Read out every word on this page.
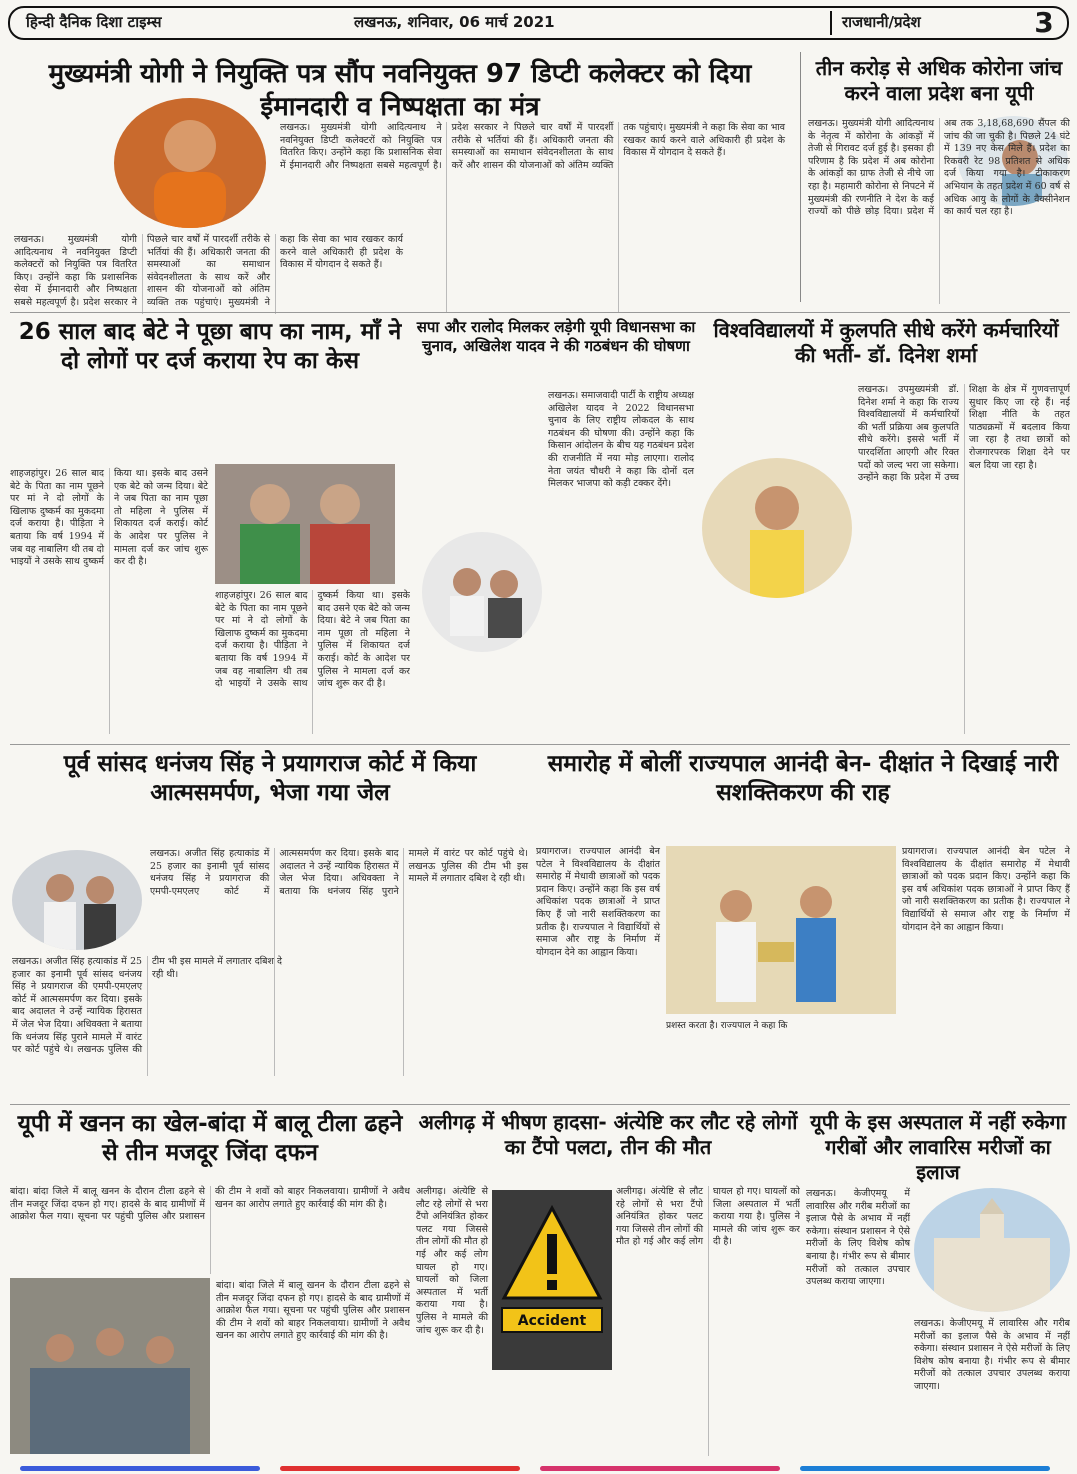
हिन्दी दैनिक दिशा टाइम्स	लखनऊ, शनिवार, 06 मार्च 2021	राजधानी/प्रदेश	3
मुख्यमंत्री योगी ने नियुक्ति पत्र सौंप नवनियुक्त 97 डिप्टी कलेक्टर को दिया ईमानदारी व निष्पक्षता का मंत्र
लखनऊ। मुख्यमंत्री योगी आदित्यनाथ ने नवनियुक्त डिप्टी कलेक्टरों को नियुक्ति पत्र वितरित किए। उन्होंने कहा कि प्रशासनिक सेवा में ईमानदारी और निष्पक्षता सबसे महत्वपूर्ण है। प्रदेश सरकार ने पिछले चार वर्षों में पारदर्शी तरीके से भर्तियां की हैं। अधिकारी जनता की समस्याओं का समाधान संवेदनशीलता के साथ करें और शासन की योजनाओं को अंतिम व्यक्ति तक पहुंचाएं। मुख्यमंत्री ने कहा कि सेवा का भाव रखकर कार्य करने वाले अधिकारी ही प्रदेश के विकास में योगदान दे सकते हैं।
लखनऊ। मुख्यमंत्री योगी आदित्यनाथ ने नवनियुक्त डिप्टी कलेक्टरों को नियुक्ति पत्र वितरित किए। उन्होंने कहा कि प्रशासनिक सेवा में ईमानदारी और निष्पक्षता सबसे महत्वपूर्ण है। प्रदेश सरकार ने पिछले चार वर्षों में पारदर्शी तरीके से भर्तियां की हैं। अधिकारी जनता की समस्याओं का समाधान संवेदनशीलता के साथ करें और शासन की योजनाओं को अंतिम व्यक्ति तक पहुंचाएं। मुख्यमंत्री ने कहा कि सेवा का भाव रखकर कार्य करने वाले अधिकारी ही प्रदेश के विकास में योगदान दे सकते हैं।
तीन करोड़ से अधिक कोरोना जांच करने वाला प्रदेश बना यूपी
लखनऊ। मुख्यमंत्री योगी आदित्यनाथ के नेतृत्व में कोरोना के आंकड़ों में तेजी से गिरावट दर्ज हुई है। इसका ही परिणाम है कि प्रदेश में अब कोरोना के आंकड़ों का ग्राफ तेजी से नीचे जा रहा है। महामारी कोरोना से निपटने में मुख्यमंत्री की रणनीति ने देश के कई राज्यों को पीछे छोड़ दिया। प्रदेश में अब तक 3,18,68,690 सैंपल की जांच की जा चुकी है। पिछले 24 घंटे में 139 नए केस मिले हैं। प्रदेश का रिकवरी रेट 98 प्रतिशत से अधिक दर्ज किया गया है। टीकाकरण अभियान के तहत प्रदेश में 60 वर्ष से अधिक आयु के लोगों के वैक्सीनेशन का कार्य चल रहा है।
26 साल बाद बेटे ने पूछा बाप का नाम, माँ ने दो लोगों पर दर्ज कराया रेप का केस
शाहजहांपुर। 26 साल बाद बेटे के पिता का नाम पूछने पर मां ने दो लोगों के खिलाफ दुष्कर्म का मुकदमा दर्ज कराया है। पीड़िता ने बताया कि वर्ष 1994 में जब वह नाबालिग थी तब दो भाइयों ने उसके साथ दुष्कर्म किया था। इसके बाद उसने एक बेटे को जन्म दिया। बेटे ने जब पिता का नाम पूछा तो महिला ने पुलिस में शिकायत दर्ज कराई। कोर्ट के आदेश पर पुलिस ने मामला दर्ज कर जांच शुरू कर दी है।
शाहजहांपुर। 26 साल बाद बेटे के पिता का नाम पूछने पर मां ने दो लोगों के खिलाफ दुष्कर्म का मुकदमा दर्ज कराया है। पीड़िता ने बताया कि वर्ष 1994 में जब वह नाबालिग थी तब दो भाइयों ने उसके साथ दुष्कर्म किया था। इसके बाद उसने एक बेटे को जन्म दिया। बेटे ने जब पिता का नाम पूछा तो महिला ने पुलिस में शिकायत दर्ज कराई। कोर्ट के आदेश पर पुलिस ने मामला दर्ज कर जांच शुरू कर दी है।
सपा और रालोद मिलकर लड़ेगी यूपी विधानसभा का चुनाव, अखिलेश यादव ने की गठबंधन की घोषणा
लखनऊ। समाजवादी पार्टी के राष्ट्रीय अध्यक्ष अखिलेश यादव ने 2022 विधानसभा चुनाव के लिए राष्ट्रीय लोकदल के साथ गठबंधन की घोषणा की। उन्होंने कहा कि किसान आंदोलन के बीच यह गठबंधन प्रदेश की राजनीति में नया मोड़ लाएगा। रालोद नेता जयंत चौधरी ने कहा कि दोनों दल मिलकर भाजपा को कड़ी टक्कर देंगे।
विश्वविद्यालयों में कुलपति सीधे करेंगे कर्मचारियों की भर्ती- डॉ. दिनेश शर्मा
लखनऊ। उपमुख्यमंत्री डॉ. दिनेश शर्मा ने कहा कि राज्य विश्वविद्यालयों में कर्मचारियों की भर्ती प्रक्रिया अब कुलपति सीधे करेंगे। इससे भर्ती में पारदर्शिता आएगी और रिक्त पदों को जल्द भरा जा सकेगा। उन्होंने कहा कि प्रदेश में उच्च शिक्षा के क्षेत्र में गुणवत्तापूर्ण सुधार किए जा रहे हैं। नई शिक्षा नीति के तहत पाठ्यक्रमों में बदलाव किया जा रहा है तथा छात्रों को रोजगारपरक शिक्षा देने पर बल दिया जा रहा है।
पूर्व सांसद धनंजय सिंह ने प्रयागराज कोर्ट में किया आत्मसमर्पण, भेजा गया जेल
लखनऊ। अजीत सिंह हत्याकांड में 25 हजार का इनामी पूर्व सांसद धनंजय सिंह ने प्रयागराज की एमपी-एमएलए कोर्ट में आत्मसमर्पण कर दिया। इसके बाद अदालत ने उन्हें न्यायिक हिरासत में जेल भेज दिया। अधिवक्ता ने बताया कि धनंजय सिंह पुराने मामले में वारंट पर कोर्ट पहुंचे थे। लखनऊ पुलिस की टीम भी इस मामले में लगातार दबिश दे रही थी।
लखनऊ। अजीत सिंह हत्याकांड में 25 हजार का इनामी पूर्व सांसद धनंजय सिंह ने प्रयागराज की एमपी-एमएलए कोर्ट में आत्मसमर्पण कर दिया। इसके बाद अदालत ने उन्हें न्यायिक हिरासत में जेल भेज दिया। अधिवक्ता ने बताया कि धनंजय सिंह पुराने मामले में वारंट पर कोर्ट पहुंचे थे। लखनऊ पुलिस की टीम भी इस मामले में लगातार दबिश दे रही थी।
समारोह में बोलीं राज्यपाल आनंदी बेन- दीक्षांत ने दिखाई नारी सशक्तिकरण की राह
प्रशस्त करता है। राज्यपाल ने कहा कि
प्रयागराज। राज्यपाल आनंदी बेन पटेल ने विश्वविद्यालय के दीक्षांत समारोह में मेधावी छात्राओं को पदक प्रदान किए। उन्होंने कहा कि इस वर्ष अधिकांश पदक छात्राओं ने प्राप्त किए हैं जो नारी सशक्तिकरण का प्रतीक है। राज्यपाल ने विद्यार्थियों से समाज और राष्ट्र के निर्माण में योगदान देने का आह्वान किया।
प्रयागराज। राज्यपाल आनंदी बेन पटेल ने विश्वविद्यालय के दीक्षांत समारोह में मेधावी छात्राओं को पदक प्रदान किए। उन्होंने कहा कि इस वर्ष अधिकांश पदक छात्राओं ने प्राप्त किए हैं जो नारी सशक्तिकरण का प्रतीक है। राज्यपाल ने विद्यार्थियों से समाज और राष्ट्र के निर्माण में योगदान देने का आह्वान किया।
यूपी में खनन का खेल-बांदा में बालू टीला ढहने से तीन मजदूर जिंदा दफन
बांदा। बांदा जिले में बालू खनन के दौरान टीला ढहने से तीन मजदूर जिंदा दफन हो गए। हादसे के बाद ग्रामीणों में आक्रोश फैल गया। सूचना पर पहुंची पुलिस और प्रशासन की टीम ने शवों को बाहर निकलवाया। ग्रामीणों ने अवैध खनन का आरोप लगाते हुए कार्रवाई की मांग की है।
बांदा। बांदा जिले में बालू खनन के दौरान टीला ढहने से तीन मजदूर जिंदा दफन हो गए। हादसे के बाद ग्रामीणों में आक्रोश फैल गया। सूचना पर पहुंची पुलिस और प्रशासन की टीम ने शवों को बाहर निकलवाया। ग्रामीणों ने अवैध खनन का आरोप लगाते हुए कार्रवाई की मांग की है।
अलीगढ़ में भीषण हादसा- अंत्येष्टि कर लौट रहे लोगों का टैंपो पलटा, तीन की मौत
Accident
अलीगढ़। अंत्येष्टि से लौट रहे लोगों से भरा टैंपो अनियंत्रित होकर पलट गया जिससे तीन लोगों की मौत हो गई और कई लोग घायल हो गए। घायलों को जिला अस्पताल में भर्ती कराया गया है। पुलिस ने मामले की जांच शुरू कर दी है।
अलीगढ़। अंत्येष्टि से लौट रहे लोगों से भरा टैंपो अनियंत्रित होकर पलट गया जिससे तीन लोगों की मौत हो गई और कई लोग घायल हो गए। घायलों को जिला अस्पताल में भर्ती कराया गया है। पुलिस ने मामले की जांच शुरू कर दी है।
यूपी के इस अस्पताल में नहीं रुकेगा गरीबों और लावारिस मरीजों का इलाज
लखनऊ। केजीएमयू में लावारिस और गरीब मरीजों का इलाज पैसे के अभाव में नहीं रुकेगा। संस्थान प्रशासन ने ऐसे मरीजों के लिए विशेष कोष बनाया है। गंभीर रूप से बीमार मरीजों को तत्काल उपचार उपलब्ध कराया जाएगा।
लखनऊ। केजीएमयू में लावारिस और गरीब मरीजों का इलाज पैसे के अभाव में नहीं रुकेगा। संस्थान प्रशासन ने ऐसे मरीजों के लिए विशेष कोष बनाया है। गंभीर रूप से बीमार मरीजों को तत्काल उपचार उपलब्ध कराया जाएगा।
